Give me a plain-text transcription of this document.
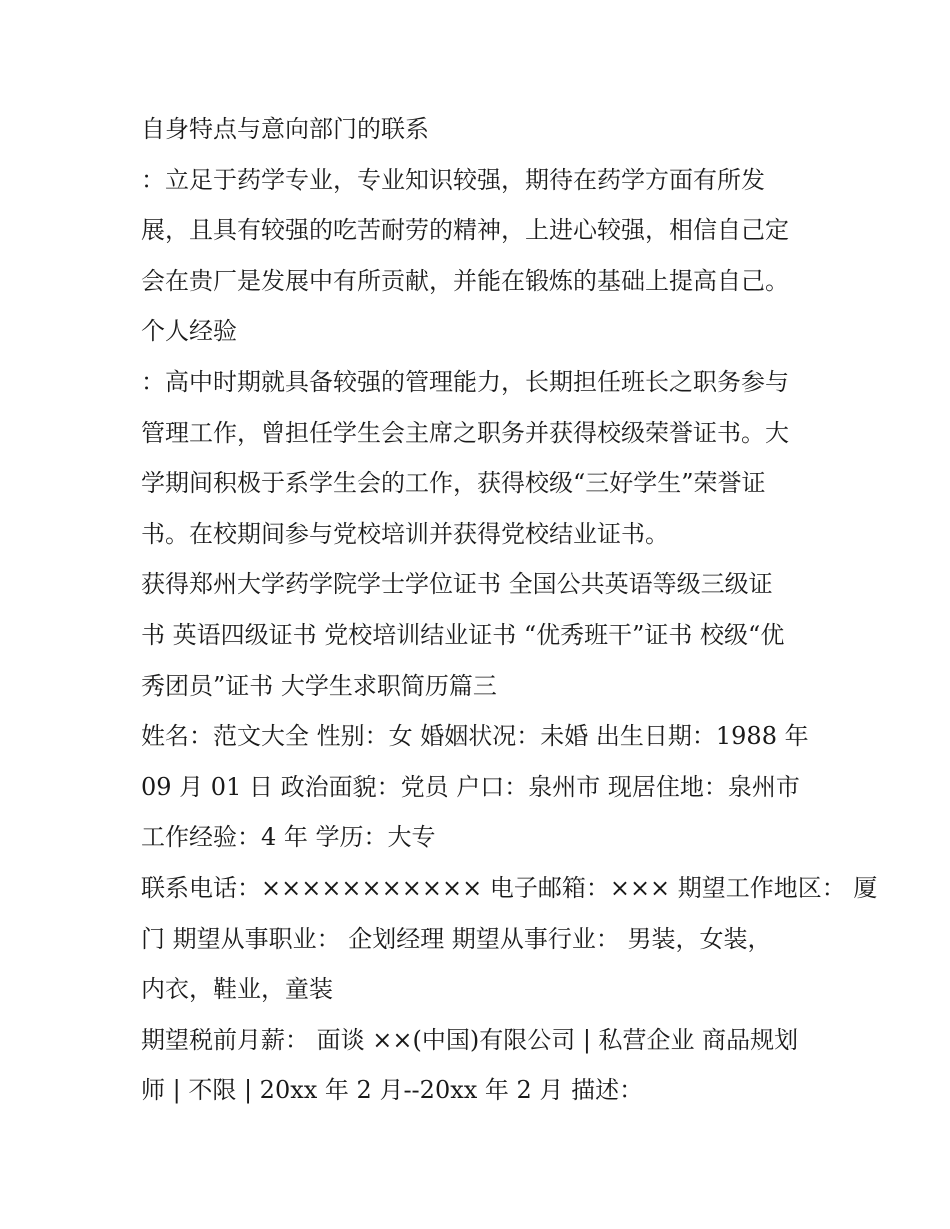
自身特点与意向部门的联系
：立足于药学专业，专业知识较强，期待在药学方面有所发
展，且具有较强的吃苦耐劳的精神，上进心较强，相信自己定
会在贵厂是发展中有所贡献，并能在锻炼的基础上提高自己。
个人经验
：高中时期就具备较强的管理能力，长期担任班长之职务参与
管理工作，曾担任学生会主席之职务并获得校级荣誉证书。大
学期间积极于系学生会的工作，获得校级“三好学生”荣誉证
书。在校期间参与党校培训并获得党校结业证书。
获得郑州大学药学院学士学位证书 全国公共英语等级三级证
书 英语四级证书 党校培训结业证书 “优秀班干”证书 校级“优
秀团员”证书 大学生求职简历篇三
姓名：范文大全 性别：女 婚姻状况：未婚 出生日期：1988 年
09 月 01 日 政治面貌：党员 户口：泉州市 现居住地：泉州市
工作经验：4 年 学历：大专
联系电话：××××××××××× 电子邮箱：××× 期望工作地区： 厦
门 期望从事职业： 企划经理 期望从事行业： 男装，女装，
内衣，鞋业，童装
期望税前月薪： 面谈 ××(中国)有限公司 | 私营企业 商品规划
师 | 不限 | 20xx 年 2 月--20xx 年 2 月 描述：
